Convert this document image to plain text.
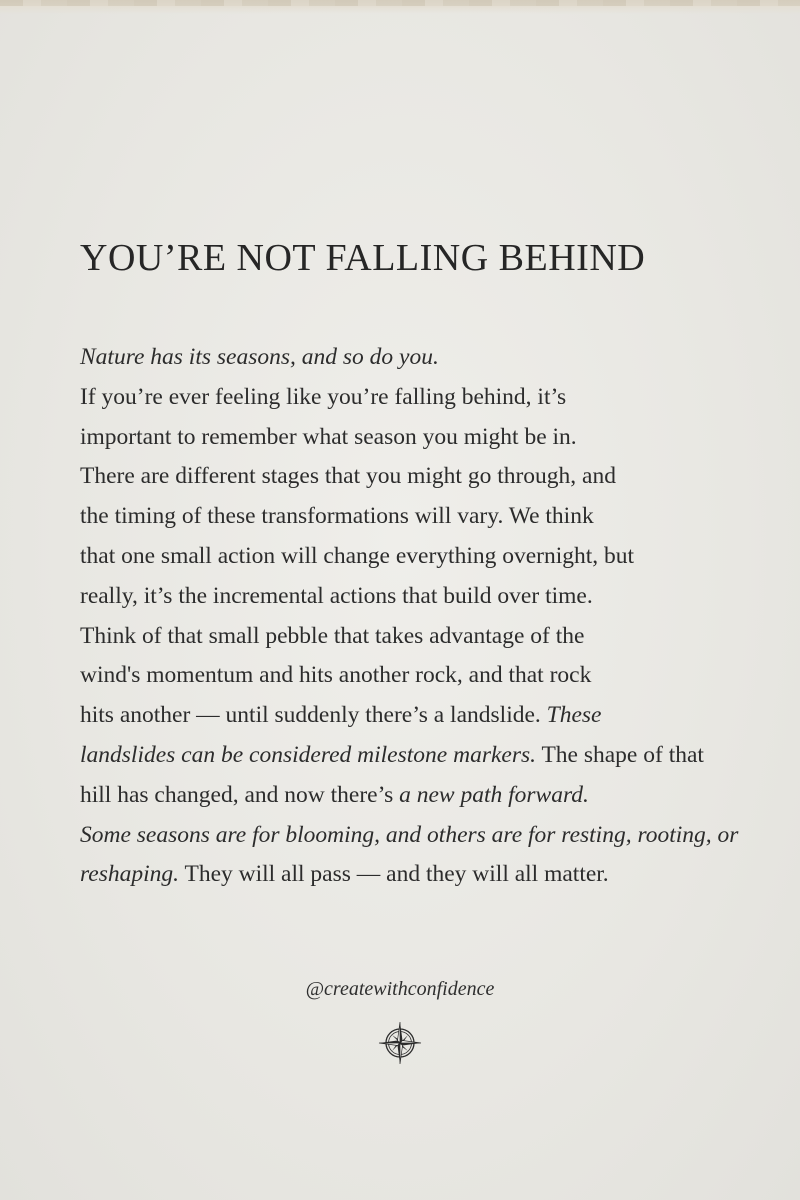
YOU’RE NOT FALLING BEHIND
Nature has its seasons, and so do you.
If you’re ever feeling like you’re falling behind, it’s
important to remember what season you might be in.
There are different stages that you might go through, and
the timing of these transformations will vary. We think
that one small action will change everything overnight, but
really, it’s the incremental actions that build over time.
Think of that small pebble that takes advantage of the
wind's momentum and hits another rock, and that rock
hits another — until suddenly there’s a landslide. These
landslides can be considered milestone markers. The shape of that
hill has changed, and now there’s a new path forward.
Some seasons are for blooming, and others are for resting, rooting, or
reshaping. They will all pass — and they will all matter.
@createwithconfidence
